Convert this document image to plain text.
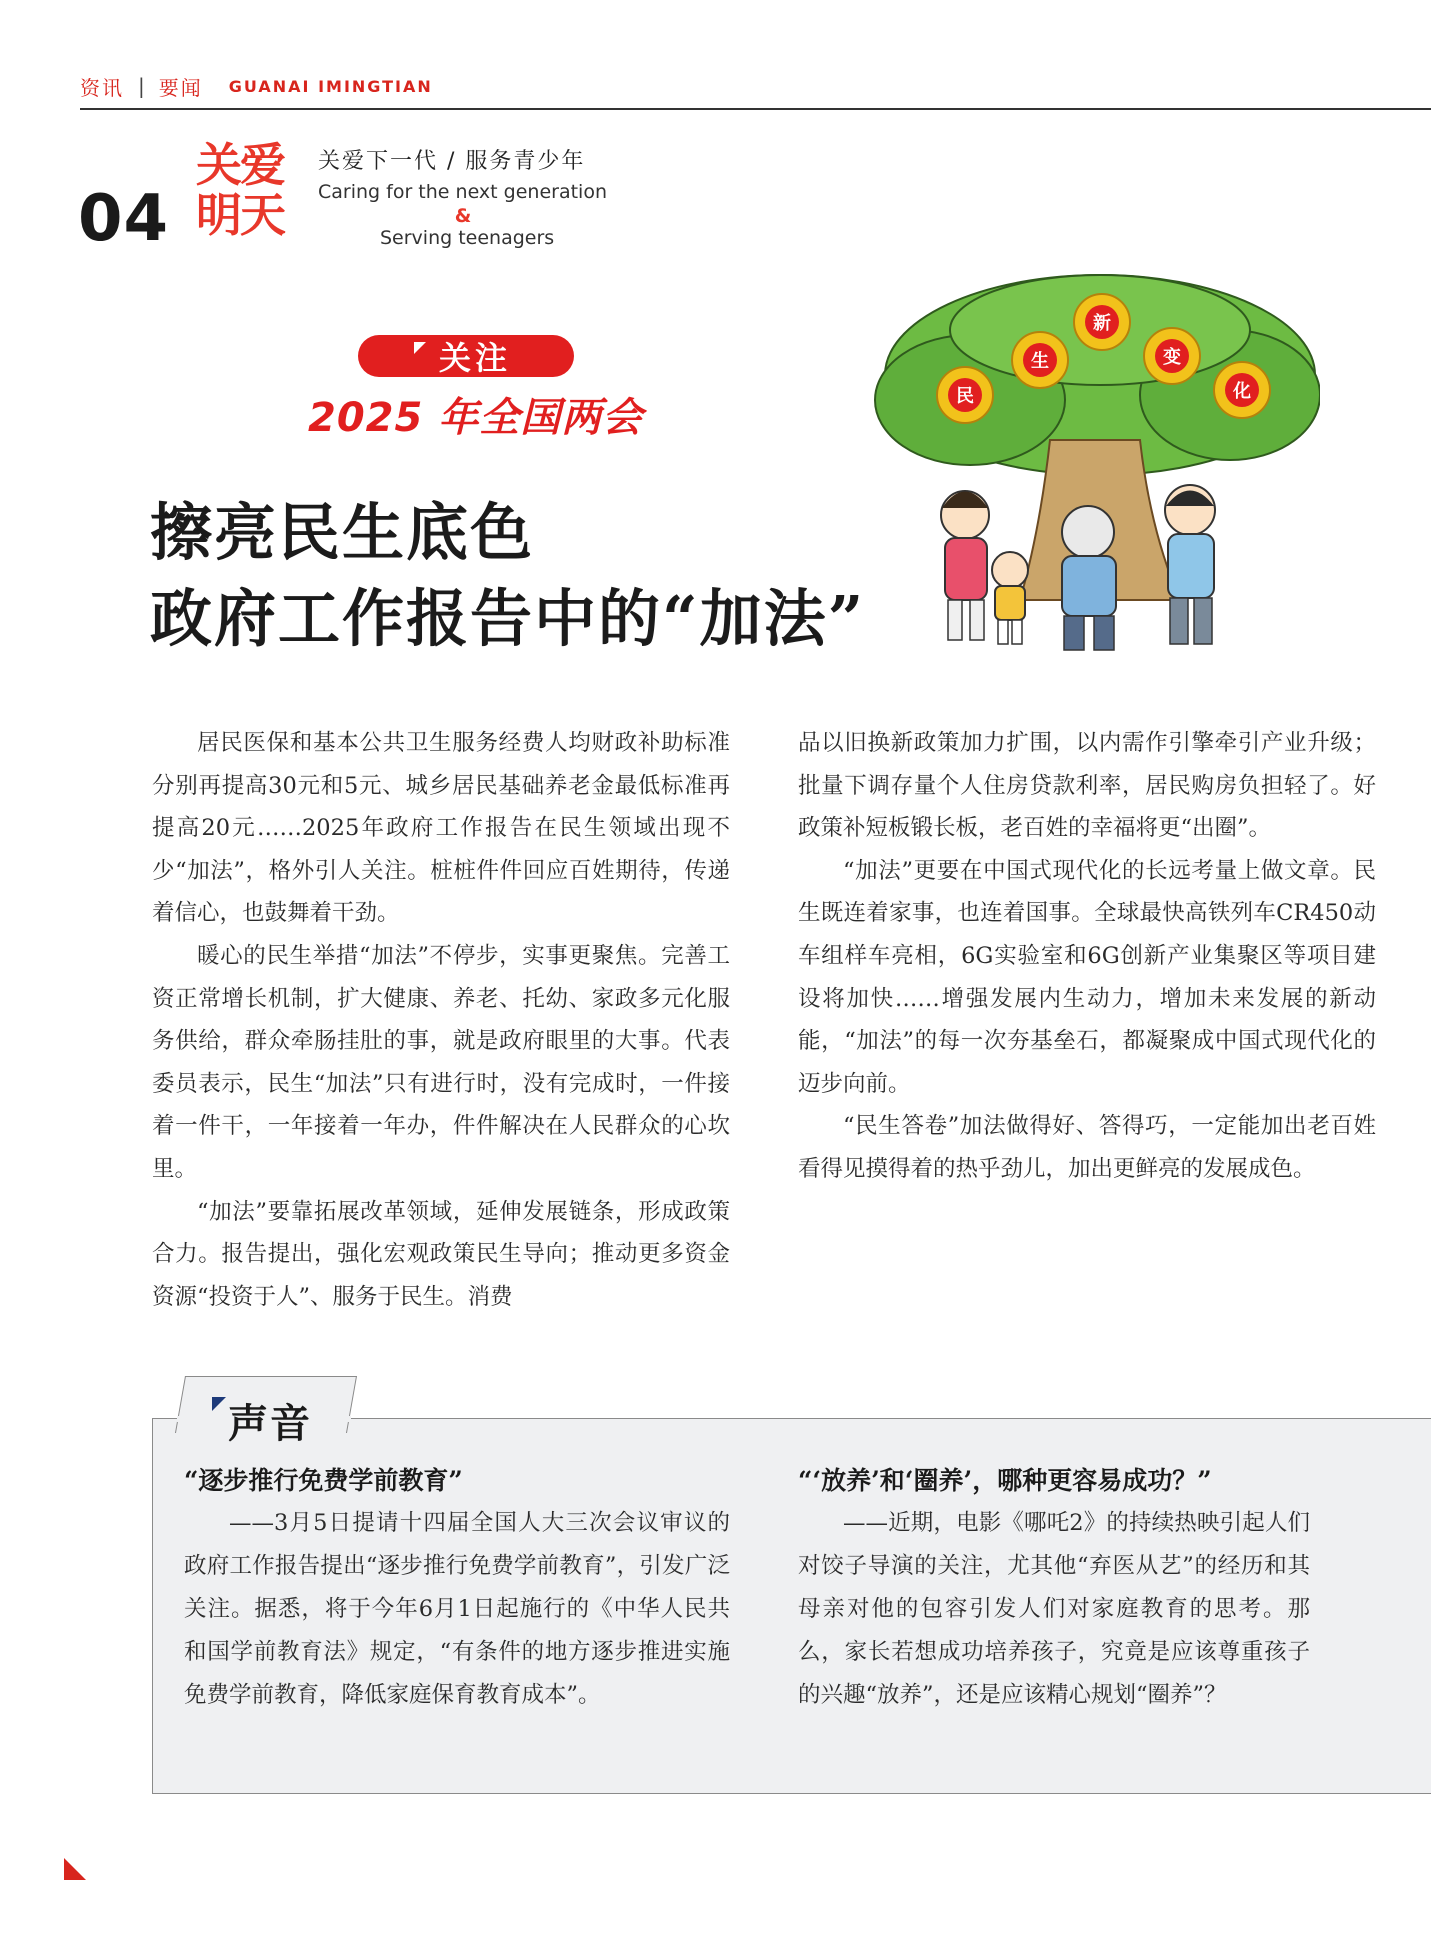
资讯 | 要闻 GUANAI IMINGTIAN
04
关爱明天
关爱下一代 / 服务青少年
Caring for the next generation
&
Serving teenagers
关注
2025 年全国两会	民
生
新
变
化
擦亮民生底色
政府工作报告中的“加法”

居民医保和基本公共卫生服务经费人均财政补助标准分别再提高30元和5元、城乡居民基础养老金最低标准再提高20元……2025年政府工作报告在民生领域出现不少“加法”，格外引人关注。桩桩件件回应百姓期待，传递着信心，也鼓舞着干劲。

暖心的民生举措“加法”不停步，实事更聚焦。完善工资正常增长机制，扩大健康、养老、托幼、家政多元化服务供给，群众牵肠挂肚的事，就是政府眼里的大事。代表委员表示，民生“加法”只有进行时，没有完成时，一件接着一件干，一年接着一年办，件件解决在人民群众的心坎里。

“加法”要靠拓展改革领域，延伸发展链条，形成政策合力。报告提出，强化宏观政策民生导向；推动更多资金资源“投资于人”、服务于民生。消费

品以旧换新政策加力扩围，以内需作引擎牵引产业升级；批量下调存量个人住房贷款利率，居民购房负担轻了。好政策补短板锻长板，老百姓的幸福将更“出圈”。

“加法”更要在中国式现代化的长远考量上做文章。民生既连着家事，也连着国事。全球最快高铁列车CR450动车组样车亮相，6G实验室和6G创新产业集聚区等项目建设将加快……增强发展内生动力，增加未来发展的新动能，“加法”的每一次夯基垒石，都凝聚成中国式现代化的迈步向前。

“民生答卷”加法做得好、答得巧，一定能加出老百姓看得见摸得着的热乎劲儿，加出更鲜亮的发展成色。

声音
“逐步推行免费学前教育”

——3月5日提请十四届全国人大三次会议审议的政府工作报告提出“逐步推行免费学前教育”，引发广泛关注。据悉，将于今年6月1日起施行的《中华人民共和国学前教育法》规定，“有条件的地方逐步推进实施免费学前教育，降低家庭保育教育成本”。

“‘放养’和‘圈养’，哪种更容易成功？”

——近期，电影《哪吒2》的持续热映引起人们对饺子导演的关注，尤其他“弃医从艺”的经历和其母亲对他的包容引发人们对家庭教育的思考。那么，家长若想成功培养孩子，究竟是应该尊重孩子的兴趣“放养”，还是应该精心规划“圈养”？
